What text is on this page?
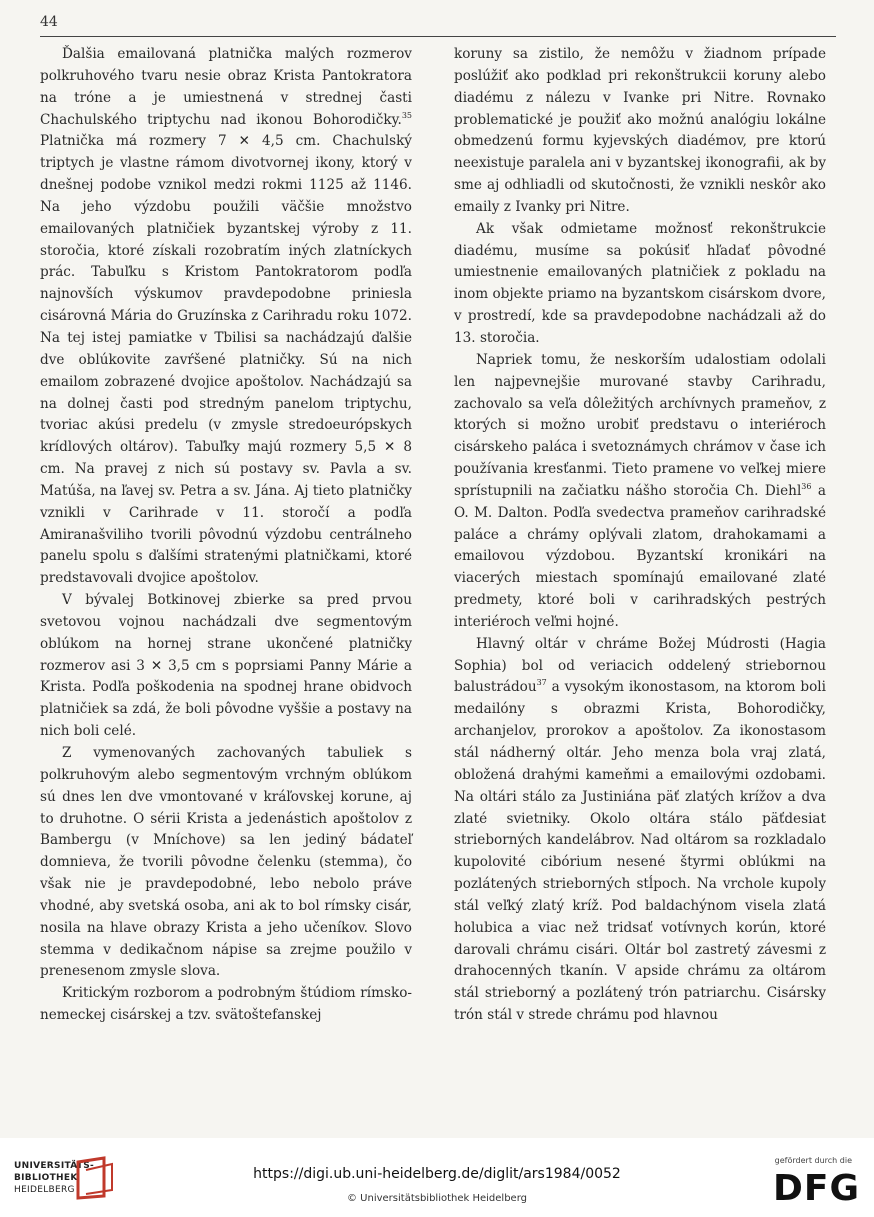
44

Ďalšia emailovaná platnička malých rozmerov polkruhového tvaru nesie obraz Krista Pantokratora na tróne a je umiestnená v strednej časti Chachulského triptychu nad ikonou Bohorodičky.$^{35}$ Platnička má rozmery 7 ✕ 4,5 cm. Chachulský triptych je vlastne rámom divotvornej ikony, ktorý v dnešnej podobe vznikol medzi rokmi 1125 až 1146. Na jeho výzdobu použili väčšie množstvo emailovaných platničiek byzantskej výroby z 11. storočia, ktoré získali rozobratím iných zlatníckych prác. Tabuľku s Kristom Pantokratorom podľa najnovších výskumov pravdepodobne priniesla cisárovná Mária do Gruzínska z Carihradu roku 1072. Na tej istej pamiatke v Tbilisi sa nachádzajú ďalšie dve oblúkovite zavŕšené platničky. Sú na nich emailom zobrazené dvojice apoštolov. Nachádzajú sa na dolnej časti pod stredným panelom triptychu, tvoriac akúsi predelu (v zmysle stredoeurópskych krídlových oltárov). Tabuľky majú rozmery 5,5 ✕ 8 cm. Na pravej z nich sú postavy sv. Pavla a sv. Matúša, na ľavej sv. Petra a sv. Jána. Aj tieto platničky vznikli v Carihrade v 11. storočí a podľa Amiranašviliho tvorili pôvodnú výzdobu centrálneho panelu spolu s ďalšími stratenými platničkami, ktoré predstavovali dvojice apoštolov.

V bývalej Botkinovej zbierke sa pred prvou svetovou vojnou nachádzali dve segmentovým oblúkom na hornej strane ukončené platničky rozmerov asi 3 ✕ 3,5 cm s poprsiami Panny Márie a Krista. Podľa poškodenia na spodnej hrane obidvoch platničiek sa zdá, že boli pôvodne vyššie a postavy na nich boli celé.

Z vymenovaných zachovaných tabuliek s polkruhovým alebo segmentovým vrchným oblúkom sú dnes len dve vmontované v kráľovskej korune, aj to druhotne. O sérii Krista a jedenástich apoštolov z Bambergu (v Mníchove) sa len jediný bádateľ domnieva, že tvorili pôvodne čelenku (stemma), čo však nie je pravdepodobné, lebo nebolo práve vhodné, aby svetská osoba, ani ak to bol rímsky cisár, nosila na hlave obrazy Krista a jeho učeníkov. Slovo stemma v dedikačnom nápise sa zrejme použilo v prenesenom zmysle slova.

Kritickým rozborom a podrobným štúdiom rímsko-nemeckej cisárskej a tzv. svätoštefanskej

koruny sa zistilo, že nemôžu v žiadnom prípade poslúžiť ako podklad pri rekonštrukcii koruny alebo diadému z nálezu v Ivanke pri Nitre. Rovnako problematické je použiť ako možnú analógiu lokálne obmedzenú formu kyjevských diadémov, pre ktorú neexistuje paralela ani v byzantskej ikonografii, ak by sme aj odhliadli od skutočnosti, že vznikli neskôr ako emaily z Ivanky pri Nitre.

Ak však odmietame možnosť rekonštrukcie diadému, musíme sa pokúsiť hľadať pôvodné umiestnenie emailovaných platničiek z pokladu na inom objekte priamo na byzantskom cisárskom dvore, v prostredí, kde sa pravdepodobne nachádzali až do 13. storočia.

Napriek tomu, že neskorším udalostiam odolali len najpevnejšie murované stavby Carihradu, zachovalo sa veľa dôležitých archívnych prameňov, z ktorých si možno urobiť predstavu o interiéroch cisárskeho paláca i svetoznámych chrámov v čase ich používania kresťanmi. Tieto pramene vo veľkej miere sprístupnili na začiatku nášho storočia Ch. Diehl$^{36}$ a O. M. Dalton. Podľa svedectva prameňov carihradské paláce a chrámy oplývali zlatom, drahokamami a emailovou výzdobou. Byzantskí kronikári na viacerých miestach spomínajú emailované zlaté predmety, ktoré boli v carihradských pestrých interiéroch veľmi hojné.

Hlavný oltár v chráme Božej Múdrosti (Hagia Sophia) bol od veriacich oddelený striebornou balustrádou$^{37}$ a vysokým ikonostasom, na ktorom boli medailóny s obrazmi Krista, Bohorodičky, archanjelov, prorokov a apoštolov. Za ikonostasom stál nádherný oltár. Jeho menza bola vraj zlatá, obložená drahými kameňmi a emailovými ozdobami. Na oltári stálo za Justiniána päť zlatých krížov a dva zlaté svietniky. Okolo oltára stálo päťdesiat strieborných kandelábrov. Nad oltárom sa rozkladalo kupolovité cibórium nesené štyrmi oblúkmi na pozlátených strieborných stĺpoch. Na vrchole kupoly stál veľký zlatý kríž. Pod baldachýnom visela zlatá holubica a viac než tridsať votívnych korún, ktoré darovali chrámu cisári. Oltár bol zastretý závesmi z drahocenných tkanín. V apside chrámu za oltárom stál strieborný a pozlátený trón patriarchu. Cisársky trón stál v strede chrámu pod hlavnou

UNIVERSITÄTS-
BIBLIOTHEK
HEIDELBERG
https://digi.ub.uni-heidelberg.de/diglit/ars1984/0052
© Universitätsbibliothek Heidelberg
gefördert durch die
DFG
